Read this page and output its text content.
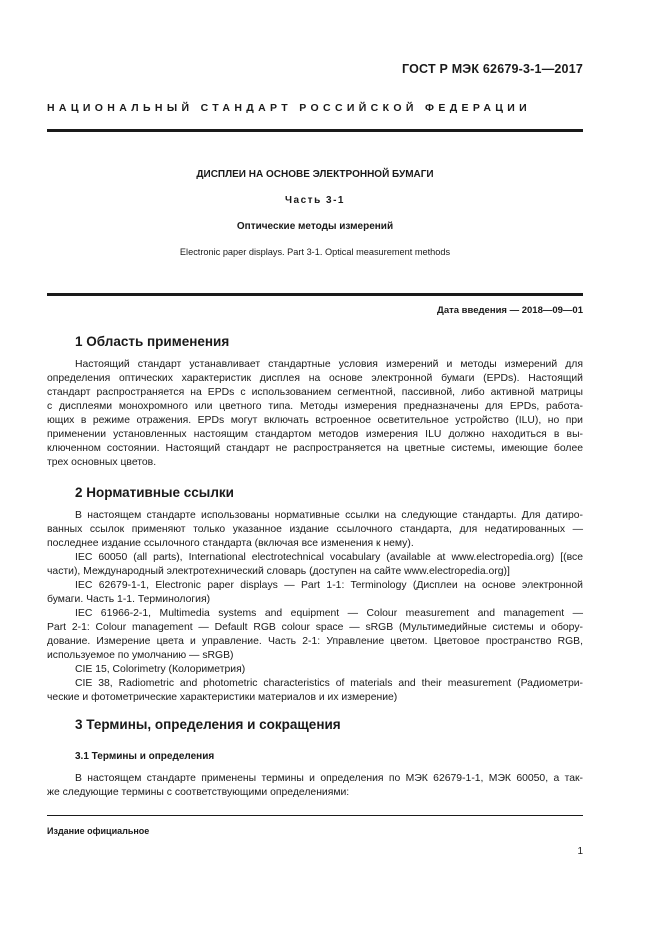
ГОСТ Р МЭК 62679-3-1—2017
НАЦИОНАЛЬНЫЙ СТАНДАРТ РОССИЙСКОЙ ФЕДЕРАЦИИ
ДИСПЛЕИ НА ОСНОВЕ ЭЛЕКТРОННОЙ БУМАГИ
Часть 3-1
Оптические методы измерений
Electronic paper displays. Part 3-1. Optical measurement methods
Дата введения — 2018—09—01
1 Область применения
Настоящий стандарт устанавливает стандартные условия измерений и методы измерений для
определения оптических характеристик дисплея на основе электронной бумаги (EPDs). Настоящий
стандарт распространяется на EPDs с использованием сегментной, пассивной, либо активной матрицы
с дисплеями монохромного или цветного типа. Методы измерения предназначены для EPDs, работа-
ющих в режиме отражения. EPDs могут включать встроенное осветительное устройство (ILU), но при
применении установленных настоящим стандартом методов измерения ILU должно находиться в вы-
ключенном состоянии. Настоящий стандарт не распространяется на цветные системы, имеющие более
трех основных цветов.
2 Нормативные ссылки
В настоящем стандарте использованы нормативные ссылки на следующие стандарты. Для датиро-
ванных ссылок применяют только указанное издание ссылочного стандарта, для недатированных —
последнее издание ссылочного стандарта (включая все изменения к нему).
IEC 60050 (all parts), International electrotechnical vocabulary (available at www.electropedia.org) [(все
части), Международный электротехнический словарь (доступен на сайте www.electropedia.org)]
IEC 62679-1-1, Electronic paper displays — Part 1-1: Terminology (Дисплеи на основе электронной
бумаги. Часть 1-1. Терминология)
IEC 61966-2-1, Multimedia systems and equipment — Colour measurement and management —
Part 2-1: Colour management — Default RGB colour space — sRGB (Мультимедийные системы и обору-
дование. Измерение цвета и управление. Часть 2-1: Управление цветом. Цветовое пространство RGB,
используемое по умолчанию — sRGB)
CIE 15, Colorimetry (Колориметрия)
CIE 38, Radiometric and photometric characteristics of materials and their measurement (Радиометри-
ческие и фотометрические характеристики материалов и их измерение)
3 Термины, определения и сокращения
3.1 Термины и определения
В настоящем стандарте применены термины и определения по МЭК 62679-1-1, МЭК 60050, а так-
же следующие термины с соответствующими определениями:
Издание официальное
1
